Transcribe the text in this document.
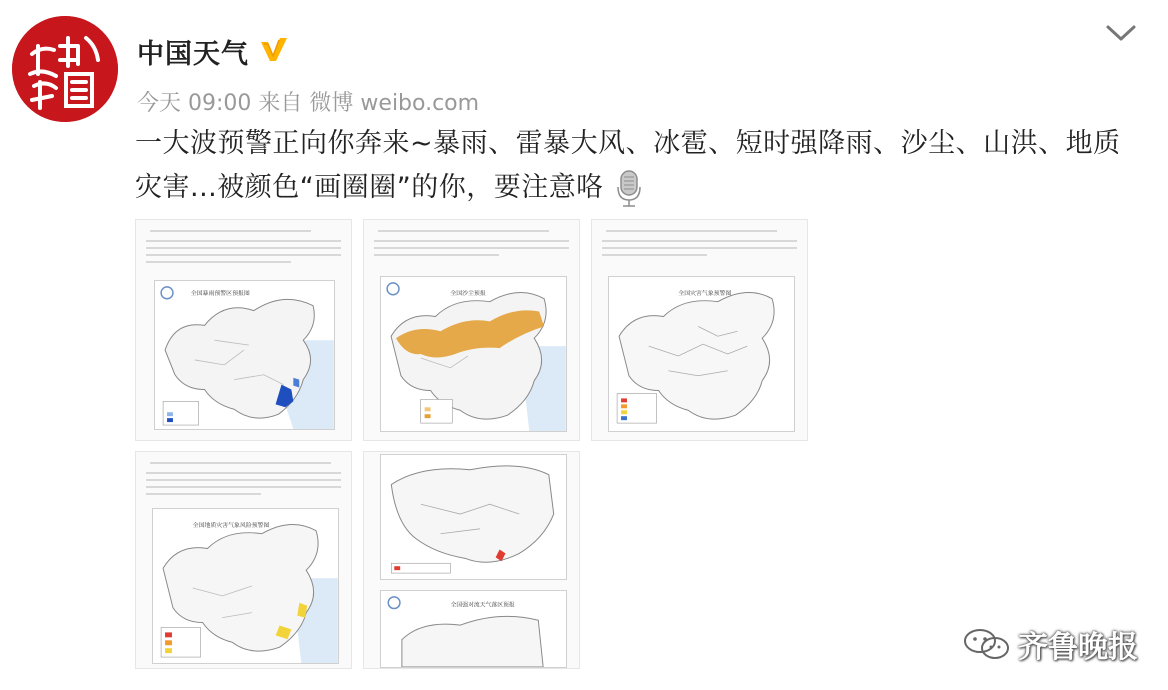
中国天气
今天 09:00 来自 微博 weibo.com
一大波预警正向你奔来~暴雨、雷暴大风、冰雹、短时强降雨、沙尘、山洪、地质灾害...被颜色“画圈圈”的你，要注意咯
全国暴雨预警区预报图	全国沙尘预报	全国灾害气象预警图
全国地质灾害气象风险预警图
全国强对流天气落区预报
齐鲁晚报
